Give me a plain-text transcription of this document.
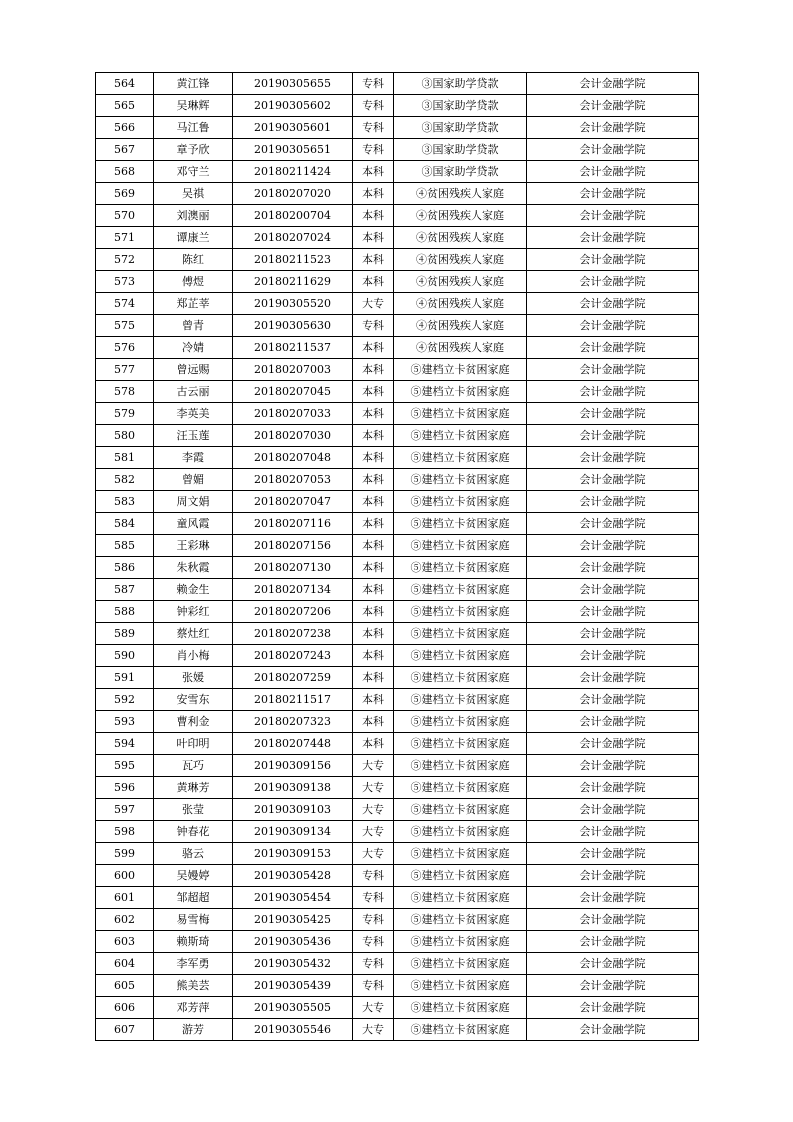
564	黄江锋	20190305655	专科	③国家助学贷款	会计金融学院
565	吴琳辉	20190305602	专科	③国家助学贷款	会计金融学院
566	马江鲁	20190305601	专科	③国家助学贷款	会计金融学院
567	章予欣	20190305651	专科	③国家助学贷款	会计金融学院
568	邓守兰	20180211424	本科	③国家助学贷款	会计金融学院
569	吴祺	20180207020	本科	④贫困残疾人家庭	会计金融学院
570	刘澳丽	20180200704	本科	④贫困残疾人家庭	会计金融学院
571	谭康兰	20180207024	本科	④贫困残疾人家庭	会计金融学院
572	陈红	20180211523	本科	④贫困残疾人家庭	会计金融学院
573	傅煜	20180211629	本科	④贫困残疾人家庭	会计金融学院
574	郑芷莘	20190305520	大专	④贫困残疾人家庭	会计金融学院
575	曾青	20190305630	专科	④贫困残疾人家庭	会计金融学院
576	冷婧	20180211537	本科	④贫困残疾人家庭	会计金融学院
577	曾远赐	20180207003	本科	⑤建档立卡贫困家庭	会计金融学院
578	古云丽	20180207045	本科	⑤建档立卡贫困家庭	会计金融学院
579	李英美	20180207033	本科	⑤建档立卡贫困家庭	会计金融学院
580	汪玉莲	20180207030	本科	⑤建档立卡贫困家庭	会计金融学院
581	李霞	20180207048	本科	⑤建档立卡贫困家庭	会计金融学院
582	曾媚	20180207053	本科	⑤建档立卡贫困家庭	会计金融学院
583	周文娟	20180207047	本科	⑤建档立卡贫困家庭	会计金融学院
584	童风霞	20180207116	本科	⑤建档立卡贫困家庭	会计金融学院
585	王彩琳	20180207156	本科	⑤建档立卡贫困家庭	会计金融学院
586	朱秋霞	20180207130	本科	⑤建档立卡贫困家庭	会计金融学院
587	赖金生	20180207134	本科	⑤建档立卡贫困家庭	会计金融学院
588	钟彩红	20180207206	本科	⑤建档立卡贫困家庭	会计金融学院
589	蔡灶红	20180207238	本科	⑤建档立卡贫困家庭	会计金融学院
590	肖小梅	20180207243	本科	⑤建档立卡贫困家庭	会计金融学院
591	张媛	20180207259	本科	⑤建档立卡贫困家庭	会计金融学院
592	安雪东	20180211517	本科	⑤建档立卡贫困家庭	会计金融学院
593	曹利金	20180207323	本科	⑤建档立卡贫困家庭	会计金融学院
594	叶印明	20180207448	本科	⑤建档立卡贫困家庭	会计金融学院
595	瓦巧	20190309156	大专	⑤建档立卡贫困家庭	会计金融学院
596	黄琳芳	20190309138	大专	⑤建档立卡贫困家庭	会计金融学院
597	张莹	20190309103	大专	⑤建档立卡贫困家庭	会计金融学院
598	钟春花	20190309134	大专	⑤建档立卡贫困家庭	会计金融学院
599	骆云	20190309153	大专	⑤建档立卡贫困家庭	会计金融学院
600	吴嫚婷	20190305428	专科	⑤建档立卡贫困家庭	会计金融学院
601	邹超超	20190305454	专科	⑤建档立卡贫困家庭	会计金融学院
602	易雪梅	20190305425	专科	⑤建档立卡贫困家庭	会计金融学院
603	赖斯琦	20190305436	专科	⑤建档立卡贫困家庭	会计金融学院
604	李军勇	20190305432	专科	⑤建档立卡贫困家庭	会计金融学院
605	熊美芸	20190305439	专科	⑤建档立卡贫困家庭	会计金融学院
606	邓芳萍	20190305505	大专	⑤建档立卡贫困家庭	会计金融学院
607	游芳	20190305546	大专	⑤建档立卡贫困家庭	会计金融学院
